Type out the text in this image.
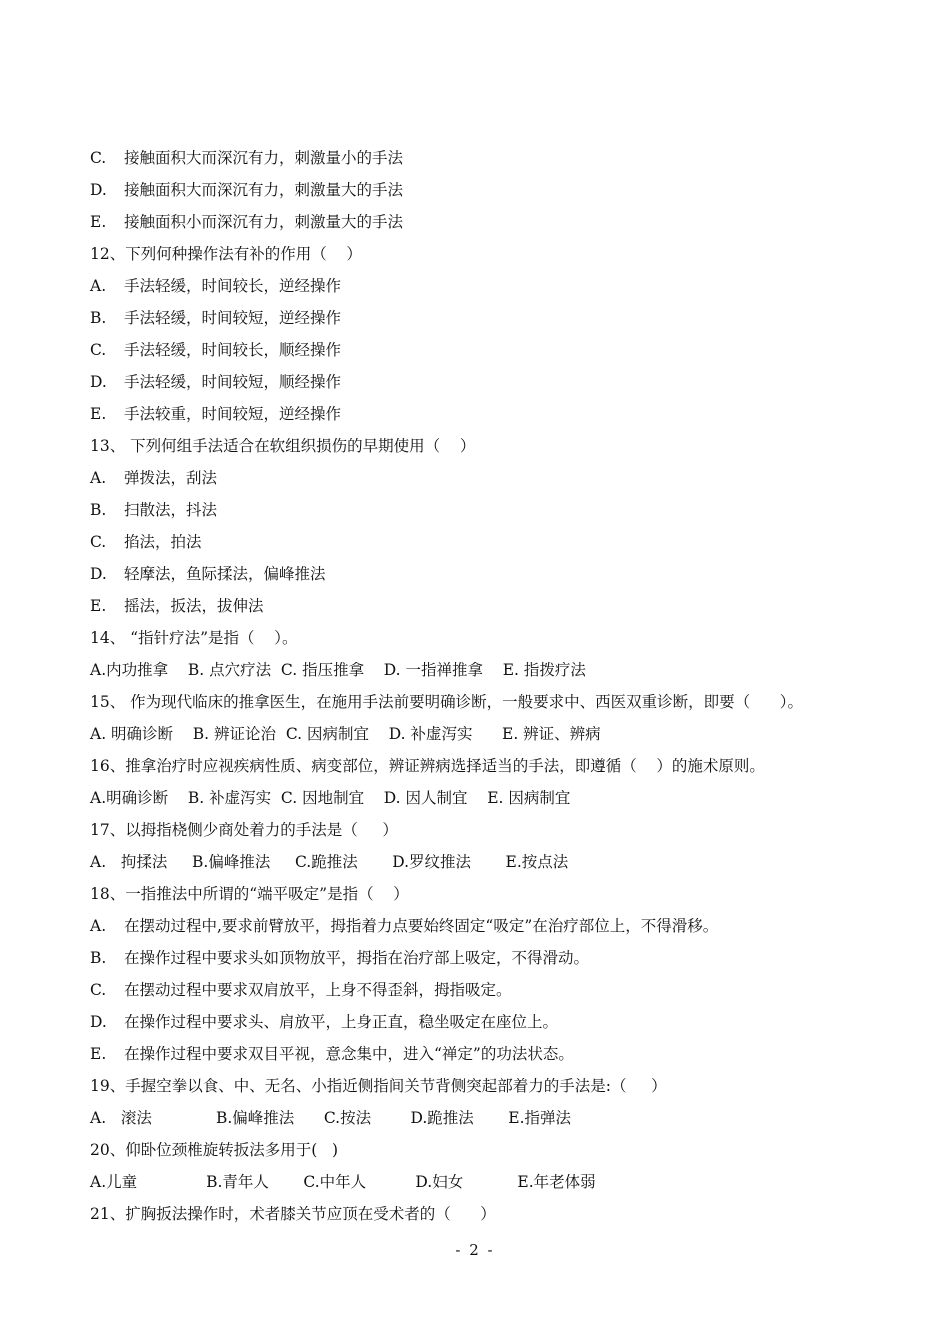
C. 接触面积大而深沉有力，刺激量小的手法
D. 接触面积大而深沉有力，刺激量大的手法
E. 接触面积小而深沉有力，刺激量大的手法
12、下列何种操作法有补的作用（    ）
A. 手法轻缓，时间较长，逆经操作
B. 手法轻缓，时间较短，逆经操作
C. 手法轻缓，时间较长，顺经操作
D. 手法轻缓，时间较短，顺经操作
E. 手法较重，时间较短，逆经操作
13、 下列何组手法适合在软组织损伤的早期使用（    ）
A. 弹拨法，刮法
B. 扫散法，抖法
C. 掐法，拍法
D. 轻摩法，鱼际揉法，偏峰推法
E. 摇法，扳法，拔伸法
14、 “指针疗法”是指（    ）。
A.内功推拿    B. 点穴疗法  C. 指压推拿    D. 一指禅推拿    E. 指拨疗法
15、 作为现代临床的推拿医生，在施用手法前要明确诊断，一般要求中、西医双重诊断，即要（      ）。
A. 明确诊断    B. 辨证论治  C. 因病制宜    D. 补虚泻实      E. 辨证、辨病
16、推拿治疗时应视疾病性质、病变部位，辨证辨病选择适当的手法，即遵循（    ）的施术原则。
A.明确诊断    B. 补虚泻实  C. 因地制宜    D. 因人制宜    E. 因病制宜
17、以拇指桡侧少商处着力的手法是（     ）
A.   拘揉法     B.偏峰推法     C.跪推法       D.罗纹推法       E.按点法
18、一指推法中所谓的“端平吸定”是指（    ）
A. 在摆动过程中,要求前臂放平，拇指着力点要始终固定“吸定”在治疗部位上，不得滑移。
B. 在操作过程中要求头如顶物放平，拇指在治疗部上吸定，不得滑动。
C. 在摆动过程中要求双肩放平，上身不得歪斜，拇指吸定。
D. 在操作过程中要求头、肩放平，上身正直，稳坐吸定在座位上。
E. 在操作过程中要求双目平视，意念集中，进入“禅定”的功法状态。
19、手握空拳以食、中、无名、小指近侧指间关节背侧突起部着力的手法是:（     ）
A.   滚法             B.偏峰推法      C.按法        D.跪推法       E.指弹法
20、仰卧位颈椎旋转扳法多用于(   )
A.儿童              B.青年人       C.中年人          D.妇女           E.年老体弱
21、扩胸扳法操作时，术者膝关节应顶在受术者的（      ）
- 2 -
